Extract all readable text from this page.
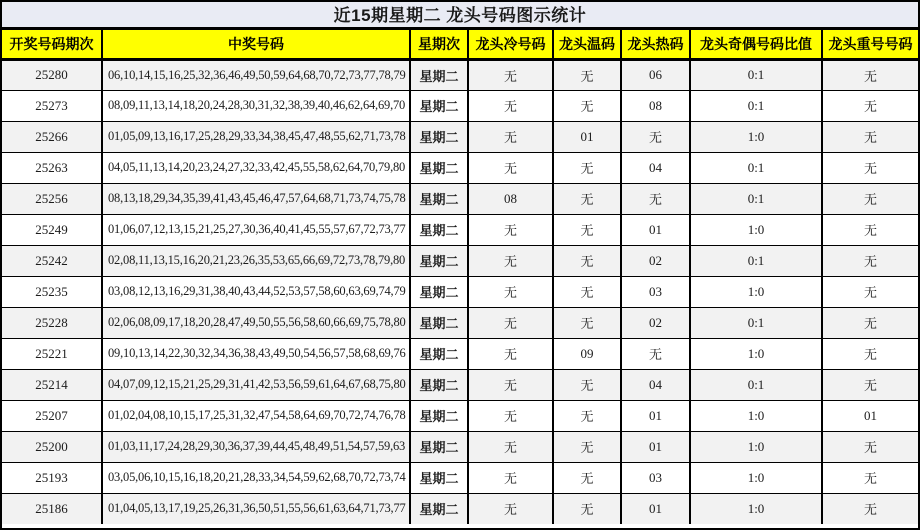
近15期星期二 龙头号码图示统计
开奖号码期次	中奖号码	星期次	龙头冷号码	龙头温码	龙头热码	龙头奇偶号码比值	龙头重号号码
25280	06,10,14,15,16,25,32,36,46,49,50,59,64,68,70,72,73,77,78,79	星期二	无	无	06	0:1	无
25273	08,09,11,13,14,18,20,24,28,30,31,32,38,39,40,46,62,64,69,70	星期二	无	无	08	0:1	无
25266	01,05,09,13,16,17,25,28,29,33,34,38,45,47,48,55,62,71,73,78	星期二	无	01	无	1:0	无
25263	04,05,11,13,14,20,23,24,27,32,33,42,45,55,58,62,64,70,79,80	星期二	无	无	04	0:1	无
25256	08,13,18,29,34,35,39,41,43,45,46,47,57,64,68,71,73,74,75,78	星期二	08	无	无	0:1	无
25249	01,06,07,12,13,15,21,25,27,30,36,40,41,45,55,57,67,72,73,77	星期二	无	无	01	1:0	无
25242	02,08,11,13,15,16,20,21,23,26,35,53,65,66,69,72,73,78,79,80	星期二	无	无	02	0:1	无
25235	03,08,12,13,16,29,31,38,40,43,44,52,53,57,58,60,63,69,74,79	星期二	无	无	03	1:0	无
25228	02,06,08,09,17,18,20,28,47,49,50,55,56,58,60,66,69,75,78,80	星期二	无	无	02	0:1	无
25221	09,10,13,14,22,30,32,34,36,38,43,49,50,54,56,57,58,68,69,76	星期二	无	09	无	1:0	无
25214	04,07,09,12,15,21,25,29,31,41,42,53,56,59,61,64,67,68,75,80	星期二	无	无	04	0:1	无
25207	01,02,04,08,10,15,17,25,31,32,47,54,58,64,69,70,72,74,76,78	星期二	无	无	01	1:0	01
25200	01,03,11,17,24,28,29,30,36,37,39,44,45,48,49,51,54,57,59,63	星期二	无	无	01	1:0	无
25193	03,05,06,10,15,16,18,20,21,28,33,34,54,59,62,68,70,72,73,74	星期二	无	无	03	1:0	无
25186	01,04,05,13,17,19,25,26,31,36,50,51,55,56,61,63,64,71,73,77	星期二	无	无	01	1:0	无
